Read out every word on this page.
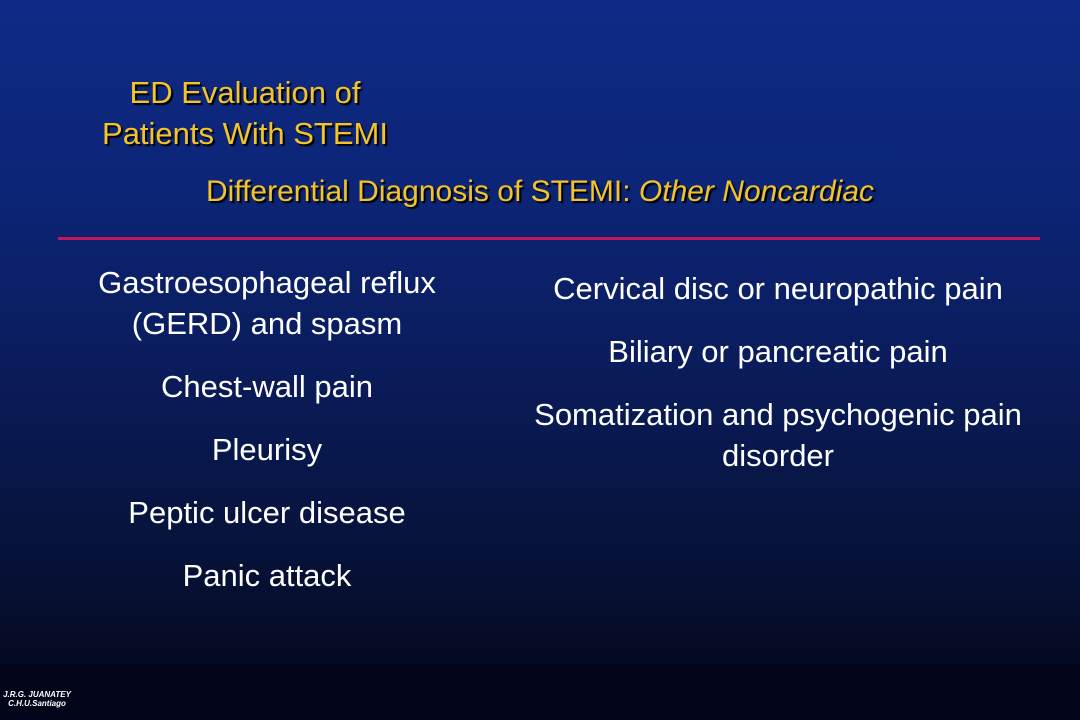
ED Evaluation of
Patients With STEMI
Differential Diagnosis of STEMI: Other Noncardiac
Gastroesophageal reflux (GERD) and spasm
Chest-wall pain
Pleurisy
Peptic ulcer disease
Panic attack
Cervical disc or neuropathic pain
Biliary or pancreatic pain
Somatization and psychogenic pain disorder
J.R.G. JUANATEY
C.H.U.Santiago
